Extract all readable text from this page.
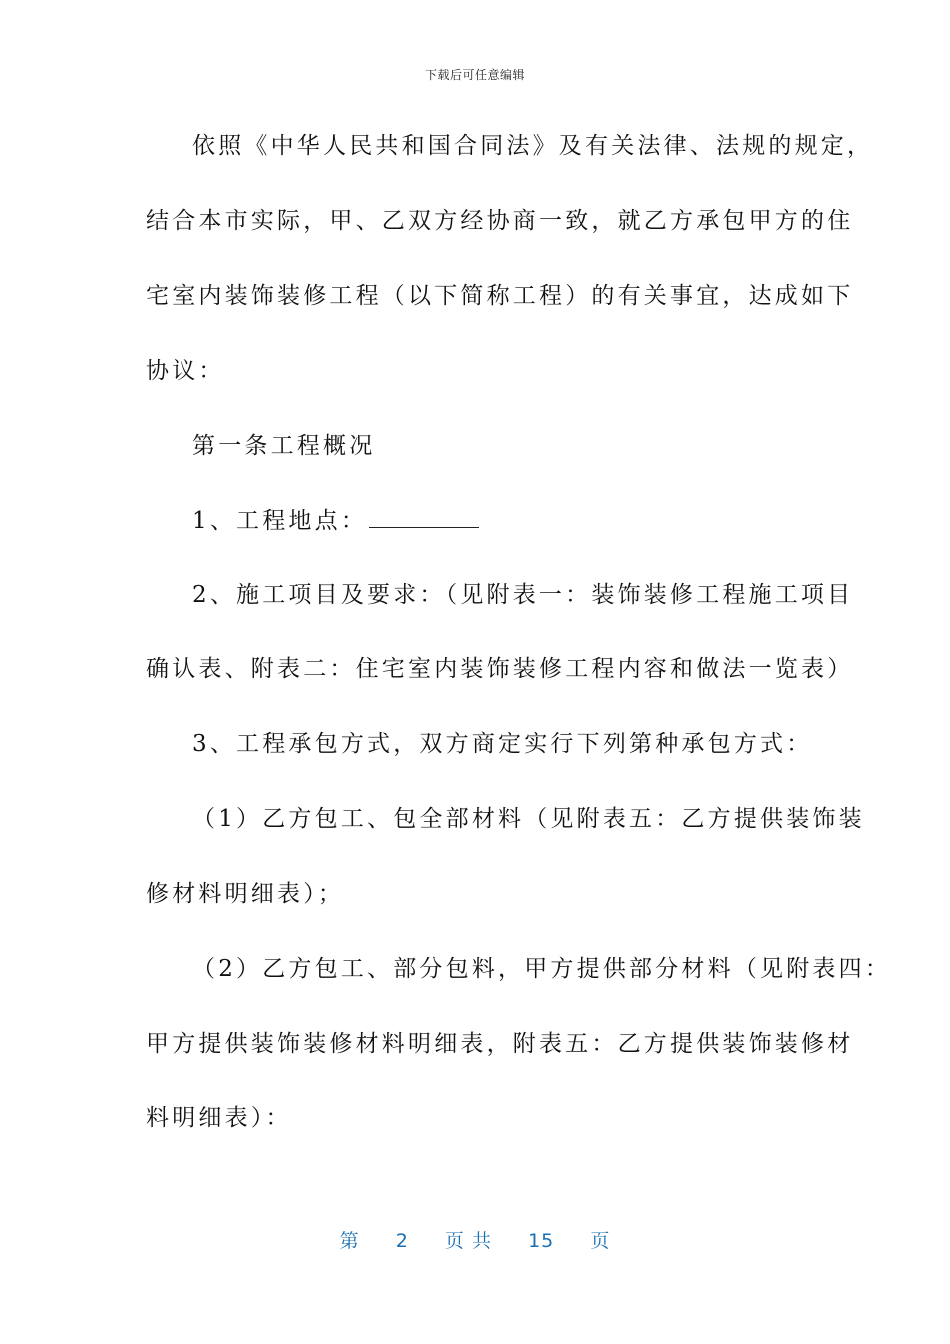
下载后可任意编辑
依照《中华人民共和国合同法》及有关法律、法规的规定，
结合本市实际，甲、乙双方经协商一致，就乙方承包甲方的住
宅室内装饰装修工程（以下简称工程）的有关事宜，达成如下
协议：
第一条工程概况
1、工程地点：
2、施工项目及要求：（见附表一：装饰装修工程施工项目
确认表、附表二：住宅室内装饰装修工程内容和做法一览表）
3、工程承包方式，双方商定实行下列第种承包方式：
（1）乙方包工、包全部材料（见附表五：乙方提供装饰装
修材料明细表）；
（2）乙方包工、部分包料，甲方提供部分材料（见附表四：
甲方提供装饰装修材料明细表，附表五：乙方提供装饰装修材
料明细表）：
第 2 页 共 15 页
